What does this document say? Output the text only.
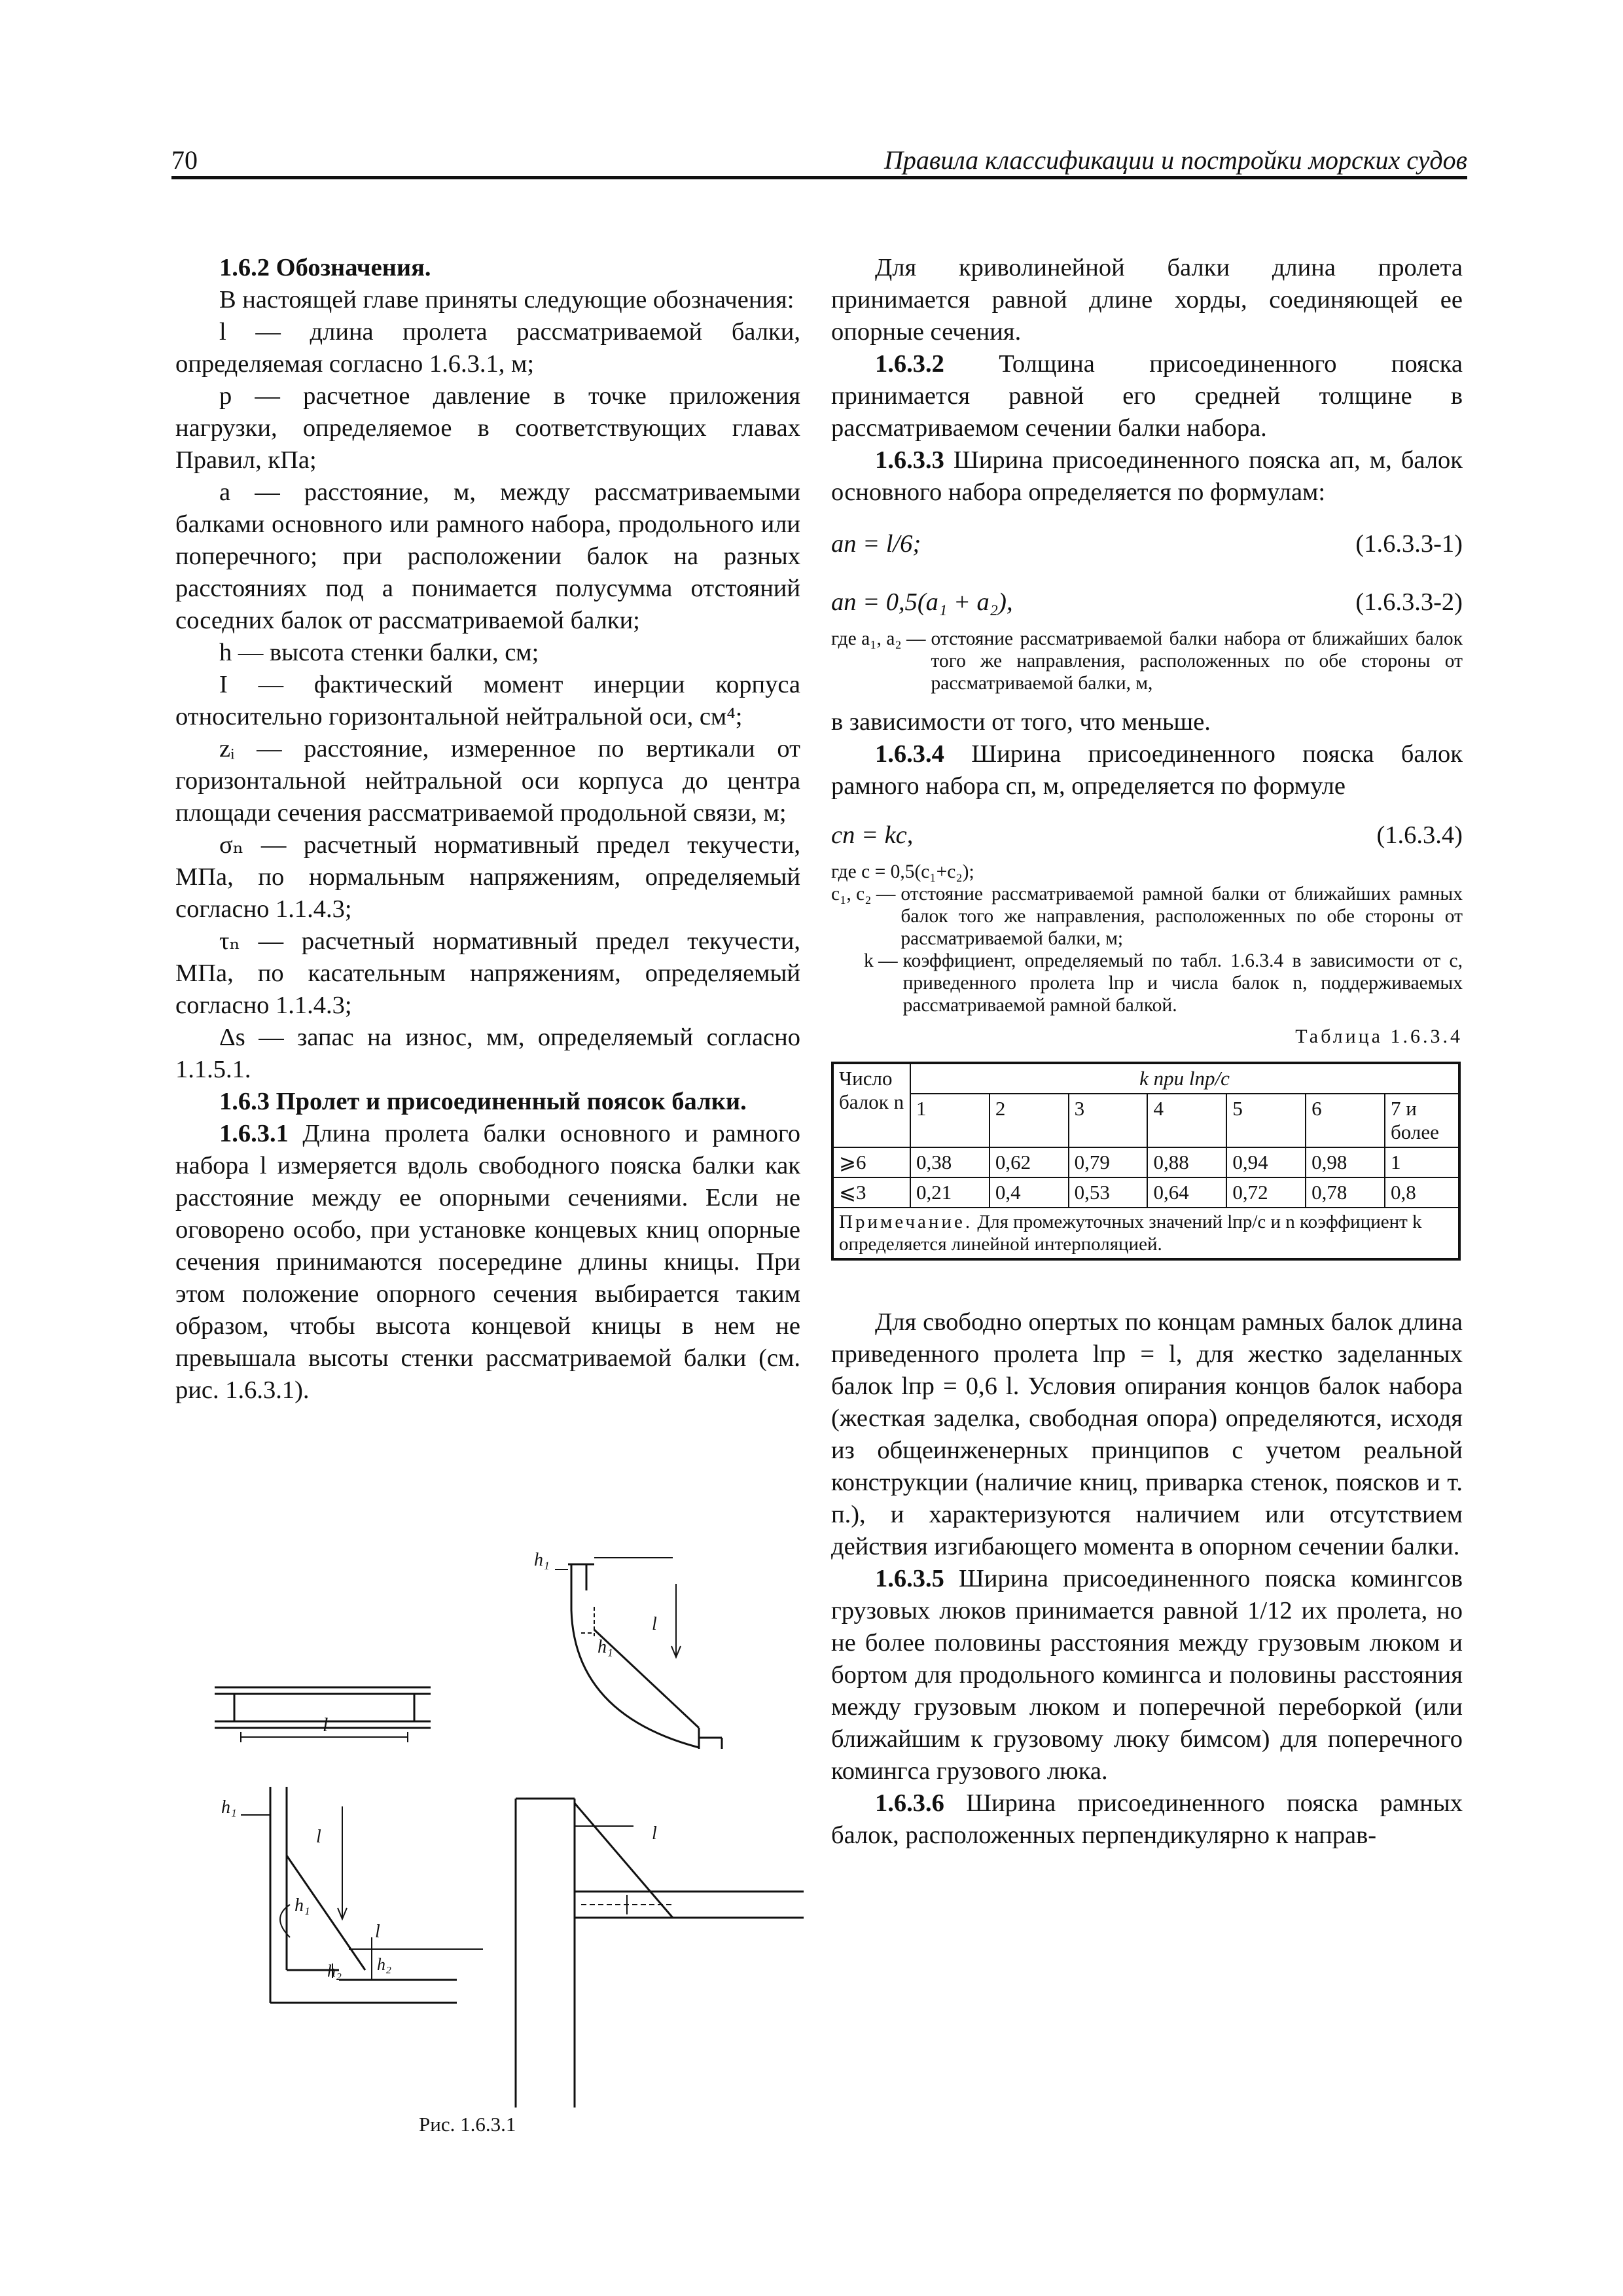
70	Правила классификации и постройки морских судов
1.6.2 Обозначения.

В настоящей главе приняты следующие обозначения:

l — длина пролета рассматриваемой балки, определяемая согласно 1.6.3.1, м;

p — расчетное давление в точке приложения нагрузки, определяемое в соответствующих главах Правил, кПа;

a — расстояние, м, между рассматриваемыми балками основного или рамного набора, продольного или поперечного; при расположении балок на разных расстояниях под a понимается полусумма отстояний соседних балок от рассматриваемой балки;

h — высота стенки балки, см;

I — фактический момент инерции корпуса относительно горизонтальной нейтральной оси, см⁴;

zᵢ — расстояние, измеренное по вертикали от горизонтальной нейтральной оси корпуса до центра площади сечения рассматриваемой продольной связи, м;

σₙ — расчетный нормативный предел текучести, МПа, по нормальным напряжениям, определяемый согласно 1.1.4.3;

τₙ — расчетный нормативный предел текучести, МПа, по касательным напряжениям, определяемый согласно 1.1.4.3;

Δs — запас на износ, мм, определяемый согласно 1.1.5.1.

1.6.3 Пролет и присоединенный поясок балки.

1.6.3.1 Длина пролета балки основного и рамного набора l измеряется вдоль свободного пояска балки как расстояние между ее опорными сечениями. Если не оговорено особо, при установке концевых книц опорные сечения принимаются посередине длины кницы. При этом положение опорного сечения выбирается таким образом, чтобы высота концевой кницы в нем не превышала высоты стенки рассматриваемой балки (см. рис. 1.6.3.1).

l
h₁
l
h₁
h₁
l
h₁
l
h₂ h₂
l
Рис. 1.6.3.1

Для криволинейной балки длина пролета принимается равной длине хорды, соединяющей ее опорные сечения.

1.6.3.2 Толщина присоединенного пояска принимается равной его средней толщине в рассматриваемом сечении балки набора.

1.6.3.3 Ширина присоединенного пояска aп, м, балок основного набора определяется по формулам:

aп = l/6;	(1.6.3.3-1)
aп = 0,5(a₁ + a₂),	(1.6.3.3-2)
где a₁, a₂ — отстояние рассматриваемой балки набора от ближайших балок того же направления, расположенных по обе стороны от рассматриваемой балки, м,

в зависимости от того, что меньше.

1.6.3.4 Ширина присоединенного пояска балок рамного набора cп, м, определяется по формуле

cп = kc,	(1.6.3.4)
где c = 0,5(c₁+c₂);
c₁, c₂ — отстояние рассматриваемой рамной балки от ближайших рамных балок того же направления, расположенных по обе стороны от рассматриваемой балки, м;
k — коэффициент, определяемый по табл. 1.6.3.4 в зависимости от c, приведенного пролета lпр и числа балок n, поддерживаемых рассматриваемой рамной балкой.
Таблица 1.6.3.4
Число балок n	k при lпр/c						
	1	2	3	4	5	6	7 и более
⩾6	0,38	0,62	0,79	0,88	0,94	0,98	1
⩽3	0,21	0,4	0,53	0,64	0,72	0,78	0,8
Примечание. Для промежуточных значений lпр/c и n коэффициент k определяется линейной интерполяцией.							

Для свободно опертых по концам рамных балок длина приведенного пролета lпр = l, для жестко заделанных балок lпр = 0,6 l. Условия опирания концов балок набора (жесткая заделка, свободная опора) определяются, исходя из общеинженерных принципов с учетом реальной конструкции (наличие книц, приварка стенок, поясков и т. п.), и характеризуются наличием или отсутствием действия изгибающего момента в опорном сечении балки.

1.6.3.5 Ширина присоединенного пояска комингсов грузовых люков принимается равной 1/12 их пролета, но не более половины расстояния между грузовым люком и бортом для продольного комингса и половины расстояния между грузовым люком и поперечной переборкой (или ближайшим к грузовому люку бимсом) для поперечного комингса грузового люка.

1.6.3.6 Ширина присоединенного пояска рамных балок, расположенных перпендикулярно к направ-
